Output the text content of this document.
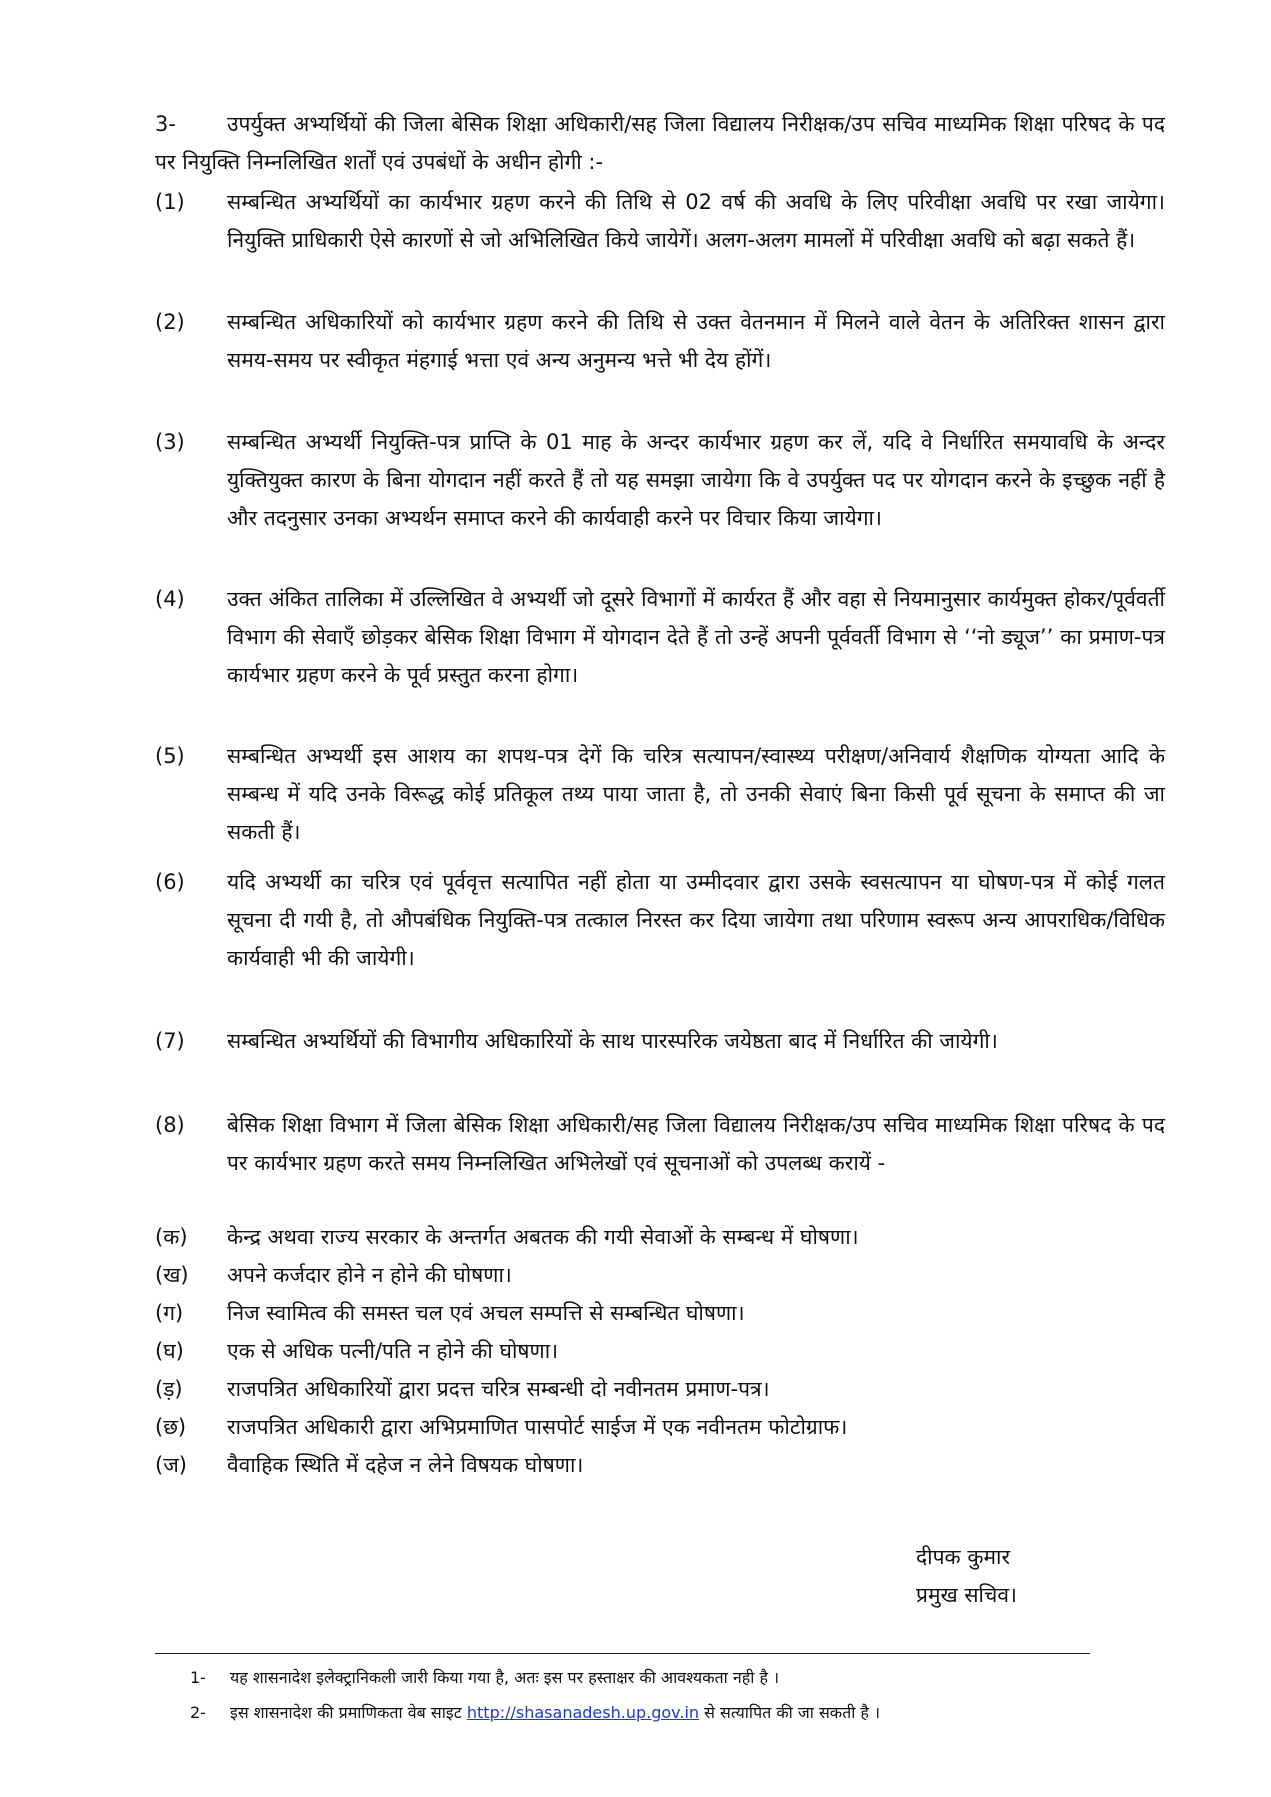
3- उपर्युक्त अभ्यर्थियों की जिला बेसिक शिक्षा अधिकारी/सह जिला विद्यालय निरीक्षक/उप सचिव माध्यमिक शिक्षा परिषद के पद पर नियुक्ति निम्नलिखित शर्तों एवं उपबंधों के अधीन होगी :-

(1)	सम्बन्धित अभ्यर्थियों का कार्यभार ग्रहण करने की तिथि से 02 वर्ष की अवधि के लिए परिवीक्षा अवधि पर रखा जायेगा। नियुक्ति प्राधिकारी ऐसे कारणों से जो अभिलिखित किये जायेगें। अलग-अलग मामलों में परिवीक्षा अवधि को बढ़ा सकते हैं।
(2)	सम्बन्धित अधिकारियों को कार्यभार ग्रहण करने की तिथि से उक्त वेतनमान में मिलने वाले वेतन के अतिरिक्त शासन द्वारा समय-समय पर स्वीकृत मंहगाई भत्ता एवं अन्य अनुमन्य भत्ते भी देय होंगें।
(3)	सम्बन्धित अभ्यर्थी नियुक्ति-पत्र प्राप्ति के 01 माह के अन्दर कार्यभार ग्रहण कर लें, यदि वे निर्धारित समयावधि के अन्दर युक्तियुक्त कारण के बिना योगदान नहीं करते हैं तो यह समझा जायेगा कि वे उपर्युक्त पद पर योगदान करने के इच्छुक नहीं है और तदनुसार उनका अभ्यर्थन समाप्त करने की कार्यवाही करने पर विचार किया जायेगा।
(4)	उक्त अंकित तालिका में उल्लिखित वे अभ्यर्थी जो दूसरे विभागों में कार्यरत हैं और वहा से नियमानुसार कार्यमुक्त होकर/पूर्ववर्ती विभाग की सेवाएँ छोड़कर बेसिक शिक्षा विभाग में योगदान देते हैं तो उन्हें अपनी पूर्ववर्ती विभाग से ‘‘नो ड्यूज’’ का प्रमाण-पत्र कार्यभार ग्रहण करने के पूर्व प्रस्तुत करना होगा।
(5)	सम्बन्धित अभ्यर्थी इस आशय का शपथ-पत्र देगें कि चरित्र सत्यापन/स्वास्थ्य परीक्षण/अनिवार्य शैक्षणिक योग्यता आदि के सम्बन्ध में यदि उनके विरूद्ध कोई प्रतिकूल तथ्य पाया जाता है, तो उनकी सेवाएं बिना किसी पूर्व सूचना के समाप्त की जा सकती हैं।
(6)	यदि अभ्यर्थी का चरित्र एवं पूर्ववृत्त सत्यापित नहीं होता या उम्मीदवार द्वारा उसके स्वसत्यापन या घोषण-पत्र में कोई गलत सूचना दी गयी है, तो औपबंधिक नियुक्ति-पत्र तत्काल निरस्त कर दिया जायेगा तथा परिणाम स्वरूप अन्य आपराधिक/विधिक कार्यवाही भी की जायेगी।
(7)	सम्बन्धित अभ्यर्थियों की विभागीय अधिकारियों के साथ पारस्परिक जयेष्ठता बाद में निर्धारित की जायेगी।
(8)	बेसिक शिक्षा विभाग में जिला बेसिक शिक्षा अधिकारी/सह जिला विद्यालय निरीक्षक/उप सचिव माध्यमिक शिक्षा परिषद के पद पर कार्यभार ग्रहण करते समय निम्नलिखित अभिलेखों एवं सूचनाओं को उपलब्ध करायें -
(क)	केन्द्र अथवा राज्य सरकार के अन्तर्गत अबतक की गयी सेवाओं के सम्बन्ध में घोषणा।
(ख)	अपने कर्जदार होने न होने की घोषणा।
(ग)	निज स्वामित्व की समस्त चल एवं अचल सम्पत्ति से सम्बन्धित घोषणा।
(घ)	एक से अधिक पत्नी/पति न होने की घोषणा।
(ड़)	राजपत्रित अधिकारियों द्वारा प्रदत्त चरित्र सम्बन्धी दो नवीनतम प्रमाण-पत्र।
(छ)	राजपत्रित अधिकारी द्वारा अभिप्रमाणित पासपोर्ट साईज में एक नवीनतम फोटोग्राफ।
(ज)	वैवाहिक स्थिति में दहेज न लेने विषयक घोषणा।
दीपक कुमार
प्रमुख सचिव।
1-	यह शासनादेश इलेक्ट्रानिकली जारी किया गया है, अतः इस पर हस्ताक्षर की आवश्यकता नही है ।
2-	इस शासनादेश की प्रमाणिकता वेब साइट http://shasanadesh.up.gov.in से सत्यापित की जा सकती है ।
